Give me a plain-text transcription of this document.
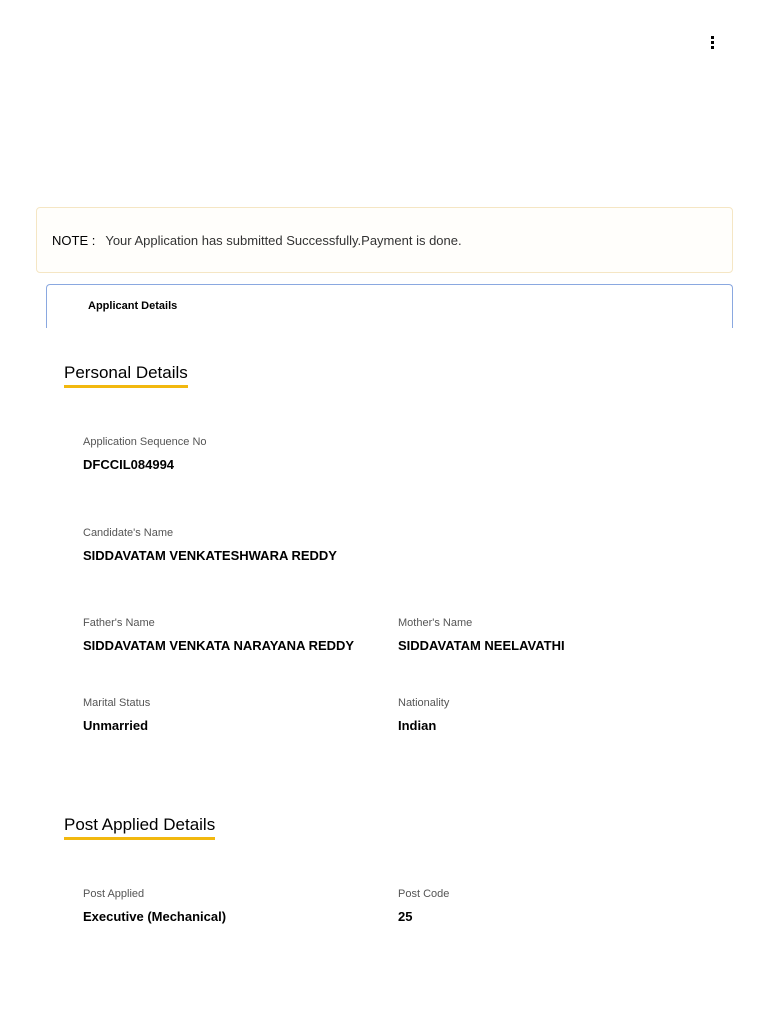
NOTE : Your Application has submitted Successfully.Payment is done.
Applicant Details
Personal Details
Application Sequence No
DFCCIL084994
Candidate's Name
SIDDAVATAM VENKATESHWARA REDDY
Father's Name
SIDDAVATAM VENKATA NARAYANA REDDY
Mother's Name
SIDDAVATAM NEELAVATHI
Marital Status
Unmarried
Nationality
Indian
Post Applied Details
Post Applied
Executive (Mechanical)
Post Code
25
